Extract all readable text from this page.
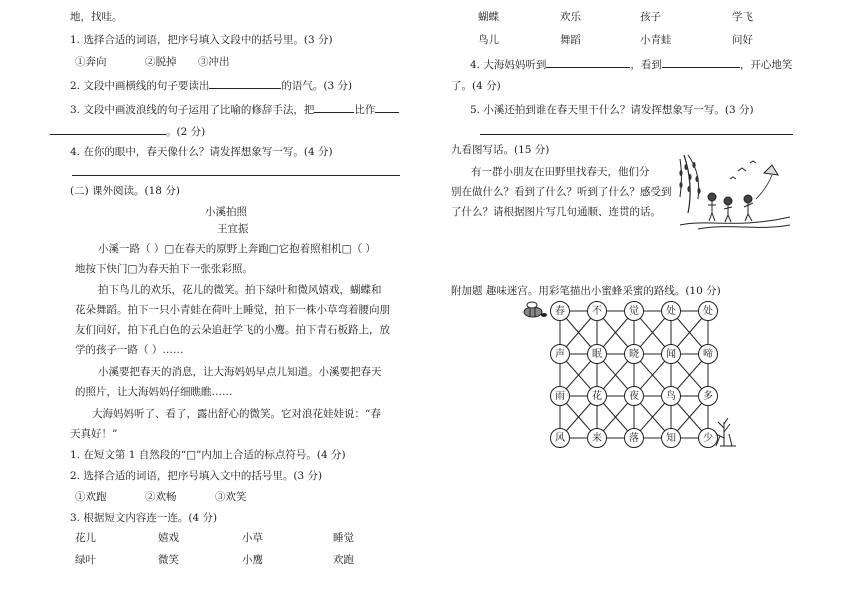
地，找哇。
1. 选择合适的词语，把序号填入文段中的括号里。(3 分)
①奔向	②脱掉 ③冲出
2. 文段中画横线的句子要读出	的语气。(3 分)
3. 文段中画波浪线的句子运用了比喻的修辞手法，把	比作
。(2 分)
4. 在你的眼中，春天像什么？请发挥想象写一写。(4 分)
(二) 课外阅读。(18 分)
小溪拍照
王宜振
小溪一路（ ）□在春天的原野上奔跑□它抱着照相机□（ ）
地按下快门□为春天拍下一张张彩照。
拍下鸟儿的欢乐，花儿的微笑。拍下绿叶和微风嬉戏，蝴蝶和
花朵舞蹈。拍下一只小青蛙在荷叶上睡觉，拍下一株小草弯着腰向朋
友们问好，拍下孔白色的云朵追赶学飞的小鹰。拍下青石板路上，放
学的孩子一路（ ）……
小溪要把春天的消息，让大海妈妈早点儿知道。小溪要把春天
的照片，让大海妈妈仔细瞧瞧……
大海妈妈听了、看了，露出舒心的微笑。它对浪花娃娃说：“春
天真好！”
1. 在短文第 1 自然段的“□”内加上合适的标点符号。(4 分)
2. 选择合适的词语，把序号填入文中的括号里。(3 分)
①欢跑	②欢畅	③欢笑
3. 根据短文内容连一连。(4 分)
花儿	嬉戏	小草	睡觉
绿叶	微笑	小鹰	欢跑
蝴蝶	欢乐	孩子	学飞
鸟儿	舞蹈	小青蛙	问好
4. 大海妈妈听到	，看到	，开心地笑
了。(4 分)
5. 小溪还拍到谁在春天里干什么？请发挥想象写一写。(3 分)
九看图写话。(15 分)
有一群小朋友在田野里找春天，他们分
别在做什么？看到了什么？听到了什么？感受到
了什么？请根据图片写几句通顺、连贯的话。
附加题 趣味迷宫。用彩笔描出小蜜蜂采蜜的路线。(10 分)
春	不	觉	处	处
声	眠	晓	闻	啼
雨	花	夜	鸟	多
风	来	落	知	少
